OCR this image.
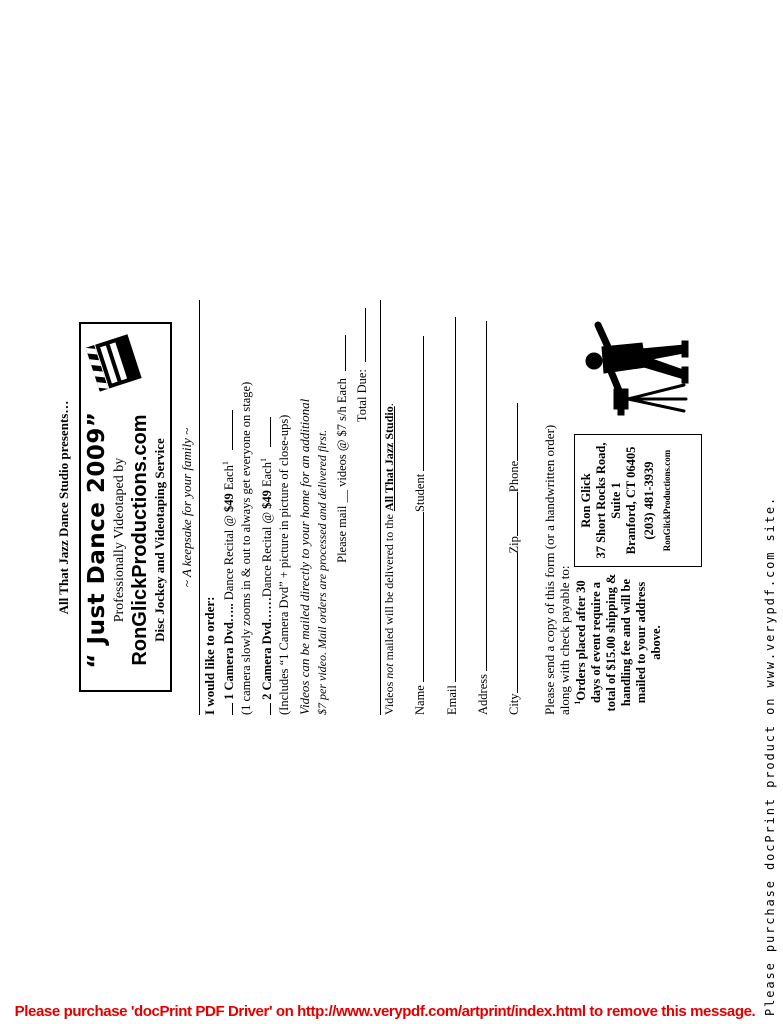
All That Jazz Dance Studio presents… “ Just Dance 2009” Professionally Videotaped by RonGlickProductions.com Disc Jockey and Videotaping Service ~ A keepsake for your family ~
I would like to order: 1 Camera Dvd….. Dance Recital @ $49 Each$^1$ (1 camera slowly zooms in & out to always get everyone on stage) 2 Camera Dvd……Dance Recital @ $49 Each$^1$ (Includes “1 Camera Dvd” + picture in picture of close-ups) Videos can be mailed directly to your home for an additional $7 per video. Mail orders are processed and delivered first. Please mail __ videos @ $7 s/h Each Total Due:
Videos not mailed will be delivered to the All That Jazz Studio.
Name Student
Email Address CityZipPhone Please send a copy of this form (or a handwritten order) along with check payable to: $^1$Orders placed after 30 days of event require a total of $15.00 shipping & handling fee and will be mailed to your address above.
Ron Glick 37 Short Rocks Road, Suite 1 Branford, CT 06405 (203) 481-3939 RonGlickProductions.com	Please purchase docPrint product on www.verypdf.com site.
Please purchase 'docPrint PDF Driver' on http://www.verypdf.com/artprint/index.html to remove this message.
